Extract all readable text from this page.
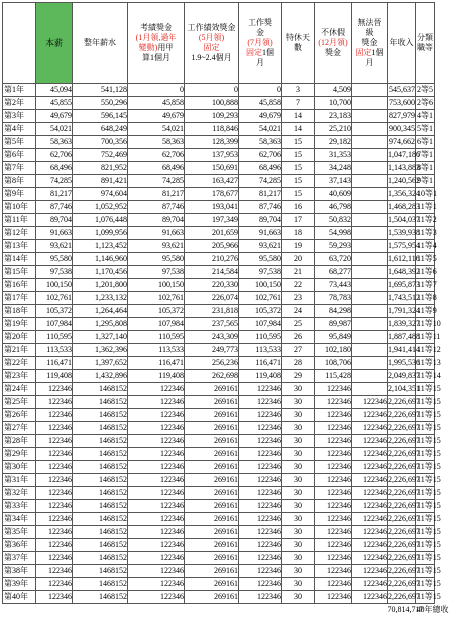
	本薪	整年薪水	考績獎金
(1月領,過年
變動)用甲
算1個月	工作績效獎金
(5月領)
固定
1.9~2.4個月	工作獎
金
(7月領)
固定1個
月	特休天數	不休假
(12月領)
獎金	無法晉
級
獎金
固定1個
月	年收入	分類
職等
第1年	45,094	541,128	0	0	0	3	4,509		545,637	2等5
第2年	45,855	550,296	45,858	100,888	45,858	7	10,700		753,600	2等6
第3年	49,679	596,145	49,679	109,293	49,679	14	23,183		827,979	4等1
第4年	54,021	648,249	54,021	118,846	54,021	14	25,210		900,345	5等1
第5年	58,363	700,356	58,363	128,399	58,363	15	29,182		974,662	6等1
第6年	62,706	752,469	62,706	137,953	62,706	15	31,353		1,047,186	7等1
第7年	68,496	821,952	68,496	150,691	68,496	15	34,248		1,143,883	8等1
第8年	74,285	891,421	74,285	163,427	74,285	15	37,143		1,240,562	9等1
第9年	81,217	974,604	81,217	178,677	81,217	15	40,609		1,356,324	10等1
第10年	87,746	1,052,952	87,746	193,041	87,746	16	46,798		1,468,283	11等1
第11年	89,704	1,076,448	89,704	197,349	89,704	17	50,832		1,504,037	11等2
第12年	91,663	1,099,956	91,663	201,659	91,663	18	54,998		1,539,938	11等3
第13年	93,621	1,123,452	93,621	205,966	93,621	19	59,293		1,575,954	11等4
第14年	95,580	1,146,960	95,580	210,276	95,580	20	63,720		1,612,116	11等5
第15年	97,538	1,170,456	97,538	214,584	97,538	21	68,277		1,648,392	11等6
第16年	100,150	1,201,800	100,150	220,330	100,150	22	73,443		1,695,873	11等7
第17年	102,761	1,233,132	102,761	226,074	102,761	23	78,783		1,743,512	11等8
第18年	105,372	1,264,464	105,372	231,818	105,372	24	84,298		1,791,324	11等9
第19年	107,984	1,295,808	107,984	237,565	107,984	25	89,987		1,839,327	11等10
第20年	110,595	1,327,140	110,595	243,309	110,595	26	95,849		1,887,488	11等11
第21年	113,533	1,362,396	113,533	249,773	113,533	27	102,180		1,941,414	11等12
第22年	116,471	1,397,652	116,471	256,236	116,471	28	108,706		1,995,536	11等13
第23年	119,408	1,432,896	119,408	262,698	119,408	29	115,428		2,049,837	11等14
第24年	122346	1468152	122346	269161	122346	30	122346		2,104,351	11等15
第25年	122346	1468152	122346	269161	122346	30	122346	122346	2,226,697	11等15
第26年	122346	1468152	122346	269161	122346	30	122346	122346	2,226,697	11等15
第27年	122346	1468152	122346	269161	122346	30	122346	122346	2,226,697	11等15
第28年	122346	1468152	122346	269161	122346	30	122346	122346	2,226,697	11等15
第29年	122346	1468152	122346	269161	122346	30	122346	122346	2,226,697	11等15
第30年	122346	1468152	122346	269161	122346	30	122346	122346	2,226,697	11等15
第31年	122346	1468152	122346	269161	122346	30	122346	122346	2,226,697	11等15
第32年	122346	1468152	122346	269161	122346	30	122346	122346	2,226,697	11等15
第33年	122346	1468152	122346	269161	122346	30	122346	122346	2,226,697	11等15
第34年	122346	1468152	122346	269161	122346	30	122346	122346	2,226,697	11等15
第35年	122346	1468152	122346	269161	122346	30	122346	122346	2,226,697	11等15
第36年	122346	1468152	122346	269161	122346	30	122346	122346	2,226,697	11等15
第37年	122346	1468152	122346	269161	122346	30	122346	122346	2,226,697	11等15
第38年	122346	1468152	122346	269161	122346	30	122346	122346	2,226,697	11等15
第39年	122346	1468152	122346	269161	122346	30	122346	122346	2,226,697	11等15
第40年	122346	1468152	122346	269161	122346	30	122346	122346	2,226,697	11等15
									70,814,717	40年總收
